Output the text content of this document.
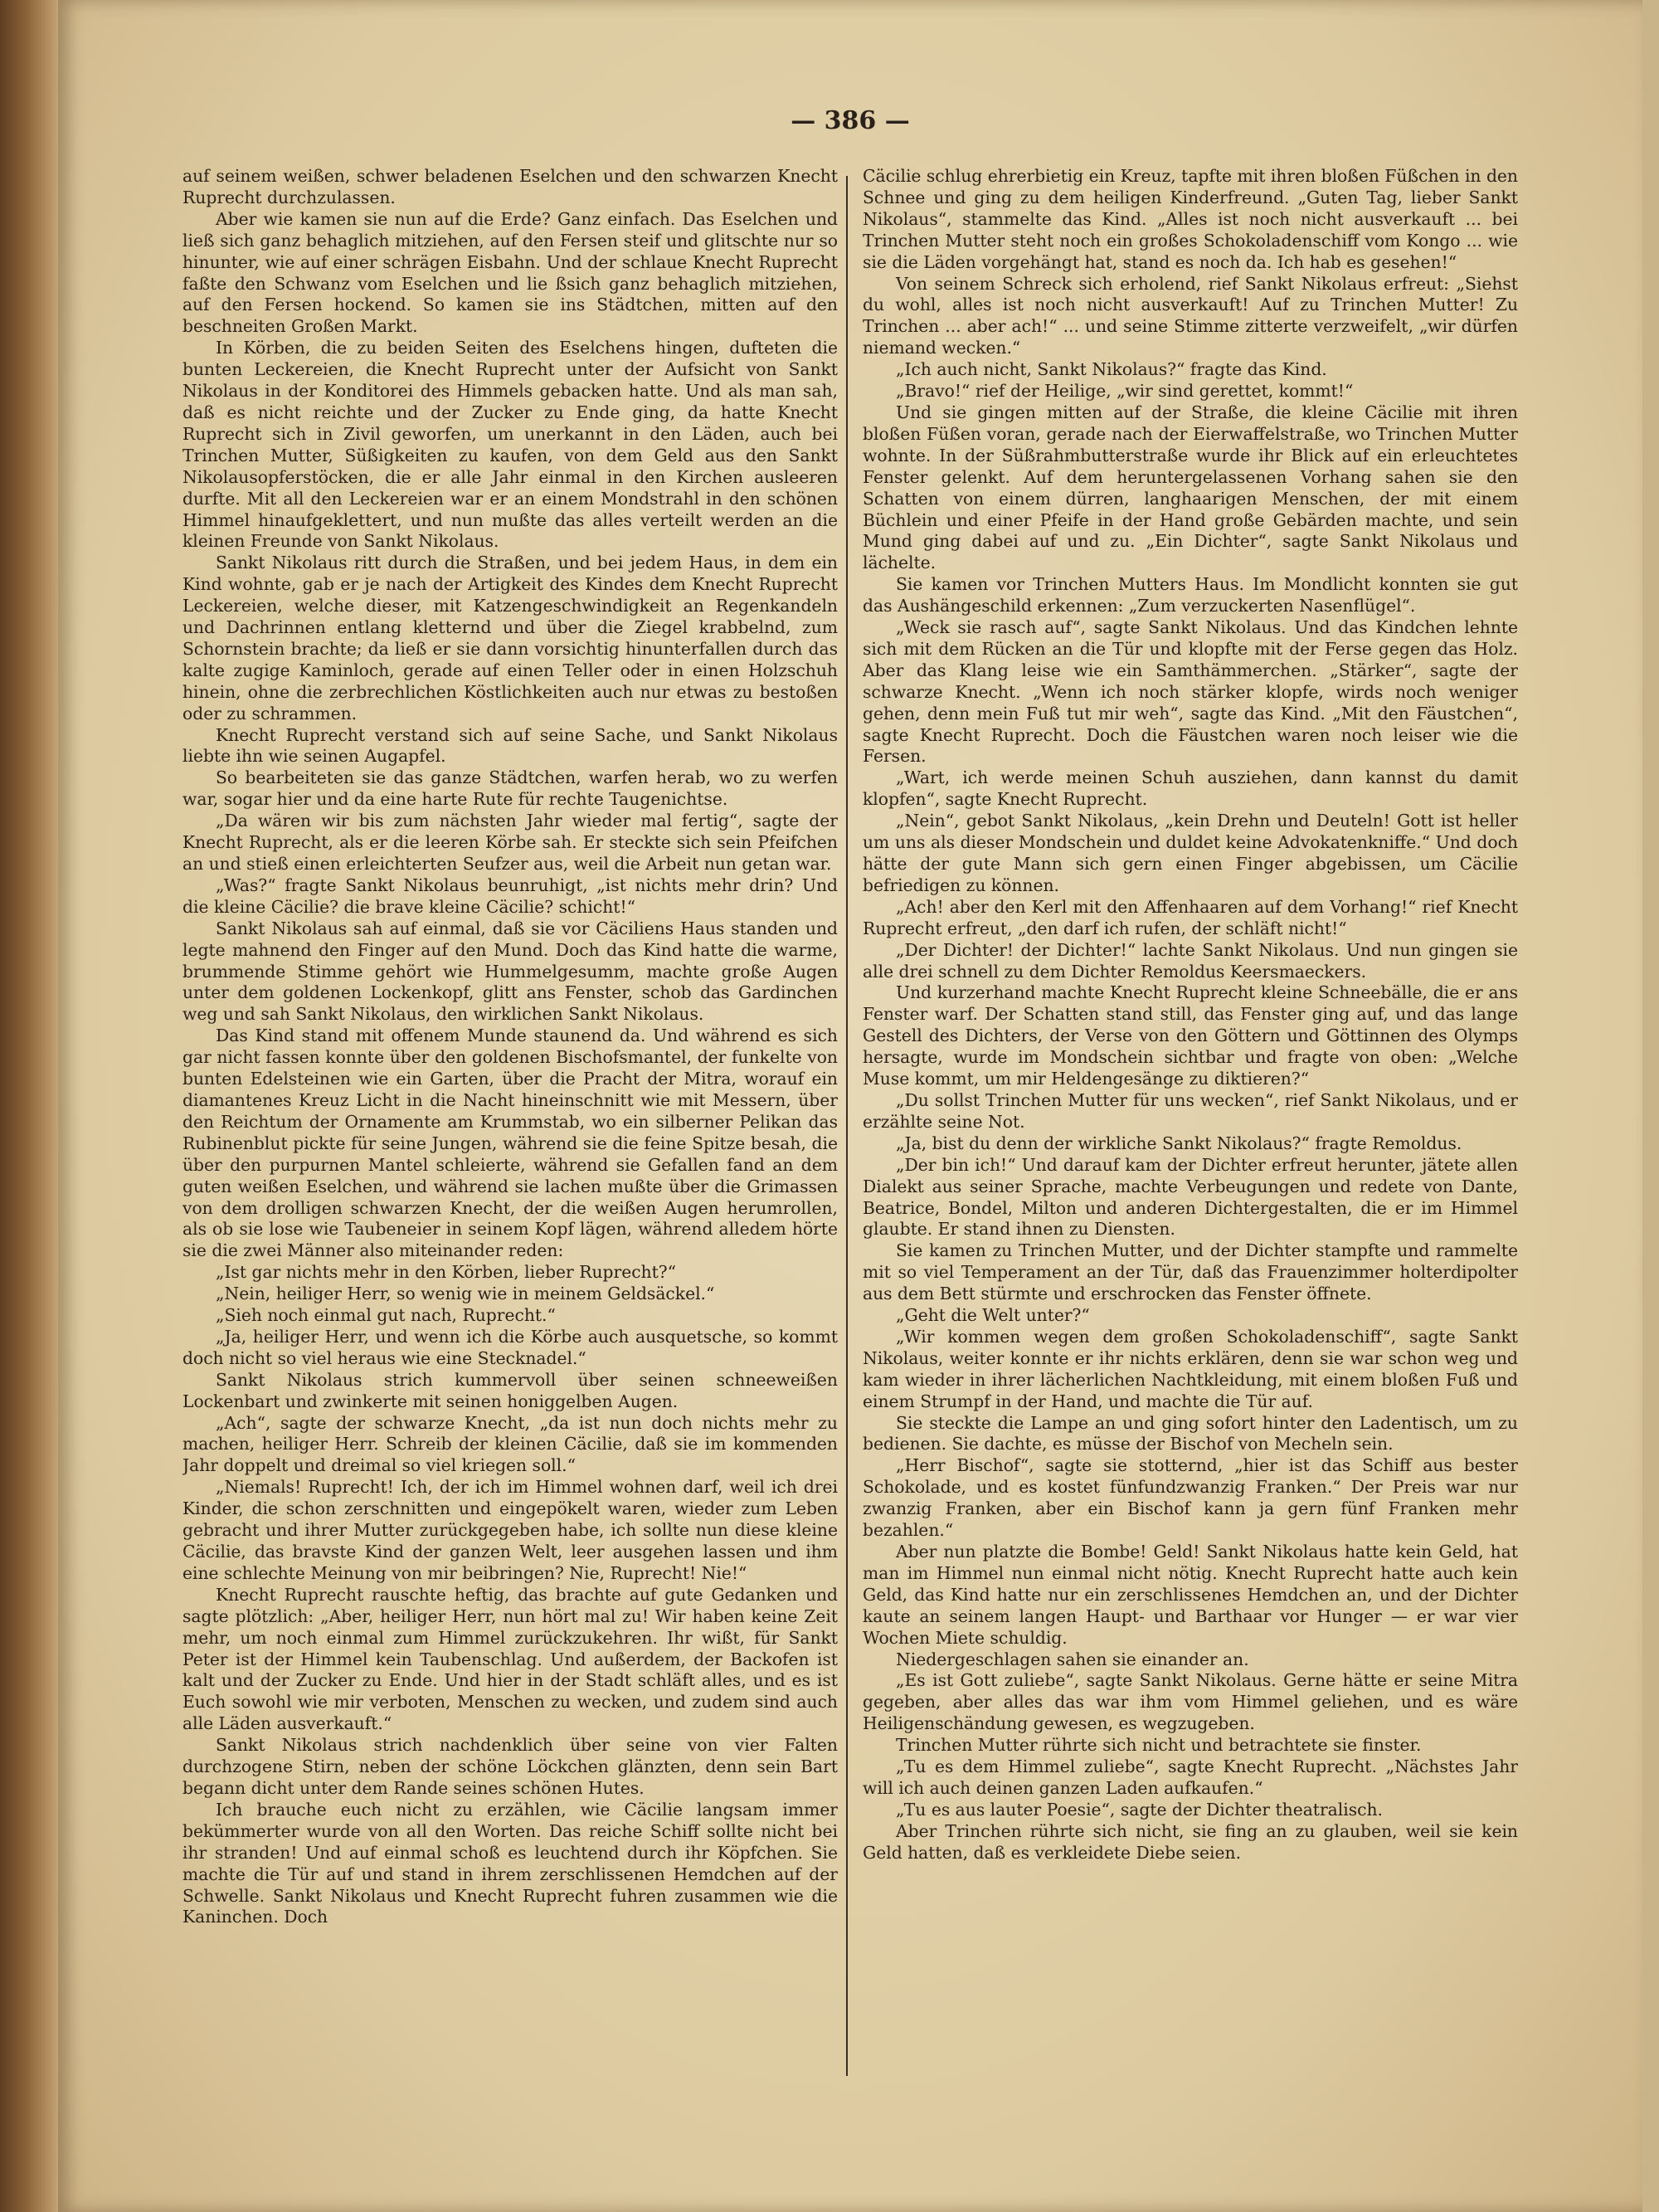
— 386 —

auf seinem weißen, schwer beladenen Eselchen und den schwarzen Knecht Ruprecht durchzulassen.

Aber wie kamen sie nun auf die Erde? Ganz einfach. Das Eselchen und ließ sich ganz behaglich mitziehen, auf den Fersen steif und glitschte nur so hinunter, wie auf einer schrägen Eisbahn. Und der schlaue Knecht Ruprecht faßte den Schwanz vom Eselchen und lie ßsich ganz behaglich mitziehen, auf den Fersen hockend. So kamen sie ins Städtchen, mitten auf den beschneiten Großen Markt.

In Körben, die zu beiden Seiten des Eselchens hingen, dufteten die bunten Leckereien, die Knecht Ruprecht unter der Aufsicht von Sankt Nikolaus in der Konditorei des Himmels gebacken hatte. Und als man sah, daß es nicht reichte und der Zucker zu Ende ging, da hatte Knecht Ruprecht sich in Zivil geworfen, um unerkannt in den Läden, auch bei Trinchen Mutter, Süßigkeiten zu kaufen, von dem Geld aus den Sankt Nikolausopferstöcken, die er alle Jahr einmal in den Kirchen ausleeren durfte. Mit all den Leckereien war er an einem Mondstrahl in den schönen Himmel hinaufgeklettert, und nun mußte das alles verteilt werden an die kleinen Freunde von Sankt Nikolaus.

Sankt Nikolaus ritt durch die Straßen, und bei jedem Haus, in dem ein Kind wohnte, gab er je nach der Artigkeit des Kindes dem Knecht Ruprecht Leckereien, welche dieser, mit Katzengeschwindigkeit an Regenkandeln und Dachrinnen entlang kletternd und über die Ziegel krabbelnd, zum Schornstein brachte; da ließ er sie dann vorsichtig hinunterfallen durch das kalte zugige Kaminloch, gerade auf einen Teller oder in einen Holzschuh hinein, ohne die zerbrechlichen Köstlichkeiten auch nur etwas zu bestoßen oder zu schrammen.

Knecht Ruprecht verstand sich auf seine Sache, und Sankt Nikolaus liebte ihn wie seinen Augapfel.

So bearbeiteten sie das ganze Städtchen, warfen herab, wo zu werfen war, sogar hier und da eine harte Rute für rechte Taugenichtse.

„Da wären wir bis zum nächsten Jahr wieder mal fertig“, sagte der Knecht Ruprecht, als er die leeren Körbe sah. Er steckte sich sein Pfeifchen an und stieß einen erleichterten Seufzer aus, weil die Arbeit nun getan war.

„Was?“ fragte Sankt Nikolaus beunruhigt, „ist nichts mehr drin? Und die kleine Cäcilie? die brave kleine Cäcilie? schicht!“

Sankt Nikolaus sah auf einmal, daß sie vor Cäciliens Haus standen und legte mahnend den Finger auf den Mund. Doch das Kind hatte die warme, brummende Stimme gehört wie Hummelgesumm, machte große Augen unter dem goldenen Lockenkopf, glitt ans Fenster, schob das Gardinchen weg und sah Sankt Nikolaus, den wirklichen Sankt Nikolaus.

Das Kind stand mit offenem Munde staunend da. Und während es sich gar nicht fassen konnte über den goldenen Bischofsmantel, der funkelte von bunten Edelsteinen wie ein Garten, über die Pracht der Mitra, worauf ein diamantenes Kreuz Licht in die Nacht hineinschnitt wie mit Messern, über den Reichtum der Ornamente am Krummstab, wo ein silberner Pelikan das Rubinenblut pickte für seine Jungen, während sie die feine Spitze besah, die über den purpurnen Mantel schleierte, während sie Gefallen fand an dem guten weißen Eselchen, und während sie lachen mußte über die Grimassen von dem drolligen schwarzen Knecht, der die weißen Augen herumrollen, als ob sie lose wie Taubeneier in seinem Kopf lägen, während alledem hörte sie die zwei Männer also miteinander reden:

„Ist gar nichts mehr in den Körben, lieber Ruprecht?“

„Nein, heiliger Herr, so wenig wie in meinem Geldsäckel.“

„Sieh noch einmal gut nach, Ruprecht.“

„Ja, heiliger Herr, und wenn ich die Körbe auch ausquetsche, so kommt doch nicht so viel heraus wie eine Stecknadel.“

Sankt Nikolaus strich kummervoll über seinen schneeweißen Lockenbart und zwinkerte mit seinen honiggelben Augen.

„Ach“, sagte der schwarze Knecht, „da ist nun doch nichts mehr zu machen, heiliger Herr. Schreib der kleinen Cäcilie, daß sie im kommenden Jahr doppelt und dreimal so viel kriegen soll.“

„Niemals! Ruprecht! Ich, der ich im Himmel wohnen darf, weil ich drei Kinder, die schon zerschnitten und eingepökelt waren, wieder zum Leben gebracht und ihrer Mutter zurückgegeben habe, ich sollte nun diese kleine Cäcilie, das bravste Kind der ganzen Welt, leer ausgehen lassen und ihm eine schlechte Meinung von mir beibringen? Nie, Ruprecht! Nie!“

Knecht Ruprecht rauschte heftig, das brachte auf gute Gedanken und sagte plötzlich: „Aber, heiliger Herr, nun hört mal zu! Wir haben keine Zeit mehr, um noch einmal zum Himmel zurückzukehren. Ihr wißt, für Sankt Peter ist der Himmel kein Taubenschlag. Und außerdem, der Backofen ist kalt und der Zucker zu Ende. Und hier in der Stadt schläft alles, und es ist Euch sowohl wie mir verboten, Menschen zu wecken, und zudem sind auch alle Läden ausverkauft.“

Sankt Nikolaus strich nachdenklich über seine von vier Falten durchzogene Stirn, neben der schöne Löckchen glänzten, denn sein Bart begann dicht unter dem Rande seines schönen Hutes.

Ich brauche euch nicht zu erzählen, wie Cäcilie langsam immer bekümmerter wurde von all den Worten. Das reiche Schiff sollte nicht bei ihr stranden! Und auf einmal schoß es leuchtend durch ihr Köpfchen. Sie machte die Tür auf und stand in ihrem zerschlissenen Hemdchen auf der Schwelle. Sankt Nikolaus und Knecht Ruprecht fuhren zusammen wie die Kaninchen. Doch

Cäcilie schlug ehrerbietig ein Kreuz, tapfte mit ihren bloßen Füßchen in den Schnee und ging zu dem heiligen Kinderfreund. „Guten Tag, lieber Sankt Nikolaus“, stammelte das Kind. „Alles ist noch nicht ausverkauft ... bei Trinchen Mutter steht noch ein großes Schokoladenschiff vom Kongo ... wie sie die Läden vorgehängt hat, stand es noch da. Ich hab es gesehen!“

Von seinem Schreck sich erholend, rief Sankt Nikolaus erfreut: „Siehst du wohl, alles ist noch nicht ausverkauft! Auf zu Trinchen Mutter! Zu Trinchen ... aber ach!“ ... und seine Stimme zitterte verzweifelt, „wir dürfen niemand wecken.“

„Ich auch nicht, Sankt Nikolaus?“ fragte das Kind.

„Bravo!“ rief der Heilige, „wir sind gerettet, kommt!“

Und sie gingen mitten auf der Straße, die kleine Cäcilie mit ihren bloßen Füßen voran, gerade nach der Eierwaffelstraße, wo Trinchen Mutter wohnte. In der Süßrahmbutterstraße wurde ihr Blick auf ein erleuchtetes Fenster gelenkt. Auf dem heruntergelassenen Vorhang sahen sie den Schatten von einem dürren, langhaarigen Menschen, der mit einem Büchlein und einer Pfeife in der Hand große Gebärden machte, und sein Mund ging dabei auf und zu. „Ein Dichter“, sagte Sankt Nikolaus und lächelte.

Sie kamen vor Trinchen Mutters Haus. Im Mondlicht konnten sie gut das Aushängeschild erkennen: „Zum verzuckerten Nasenflügel“.

„Weck sie rasch auf“, sagte Sankt Nikolaus. Und das Kindchen lehnte sich mit dem Rücken an die Tür und klopfte mit der Ferse gegen das Holz. Aber das Klang leise wie ein Samthämmerchen. „Stärker“, sagte der schwarze Knecht. „Wenn ich noch stärker klopfe, wirds noch weniger gehen, denn mein Fuß tut mir weh“, sagte das Kind. „Mit den Fäustchen“, sagte Knecht Ruprecht. Doch die Fäustchen waren noch leiser wie die Fersen.

„Wart, ich werde meinen Schuh ausziehen, dann kannst du damit klopfen“, sagte Knecht Ruprecht.

„Nein“, gebot Sankt Nikolaus, „kein Drehn und Deuteln! Gott ist heller um uns als dieser Mondschein und duldet keine Advokatenkniffe.“ Und doch hätte der gute Mann sich gern einen Finger abgebissen, um Cäcilie befriedigen zu können.

„Ach! aber den Kerl mit den Affenhaaren auf dem Vorhang!“ rief Knecht Ruprecht erfreut, „den darf ich rufen, der schläft nicht!“

„Der Dichter! der Dichter!“ lachte Sankt Nikolaus. Und nun gingen sie alle drei schnell zu dem Dichter Remoldus Keersmaeckers.

Und kurzerhand machte Knecht Ruprecht kleine Schneebälle, die er ans Fenster warf. Der Schatten stand still, das Fenster ging auf, und das lange Gestell des Dichters, der Verse von den Göttern und Göttinnen des Olymps hersagte, wurde im Mondschein sichtbar und fragte von oben: „Welche Muse kommt, um mir Heldengesänge zu diktieren?“

„Du sollst Trinchen Mutter für uns wecken“, rief Sankt Nikolaus, und er erzählte seine Not.

„Ja, bist du denn der wirkliche Sankt Nikolaus?“ fragte Remoldus.

„Der bin ich!“ Und darauf kam der Dichter erfreut herunter, jätete allen Dialekt aus seiner Sprache, machte Verbeugungen und redete von Dante, Beatrice, Bondel, Milton und anderen Dichtergestalten, die er im Himmel glaubte. Er stand ihnen zu Diensten.

Sie kamen zu Trinchen Mutter, und der Dichter stampfte und rammelte mit so viel Temperament an der Tür, daß das Frauenzimmer holterdipolter aus dem Bett stürmte und erschrocken das Fenster öffnete.

„Geht die Welt unter?“

„Wir kommen wegen dem großen Schokoladenschiff“, sagte Sankt Nikolaus, weiter konnte er ihr nichts erklären, denn sie war schon weg und kam wieder in ihrer lächerlichen Nachtkleidung, mit einem bloßen Fuß und einem Strumpf in der Hand, und machte die Tür auf.

Sie steckte die Lampe an und ging sofort hinter den Ladentisch, um zu bedienen. Sie dachte, es müsse der Bischof von Mecheln sein.

„Herr Bischof“, sagte sie stotternd, „hier ist das Schiff aus bester Schokolade, und es kostet fünfundzwanzig Franken.“ Der Preis war nur zwanzig Franken, aber ein Bischof kann ja gern fünf Franken mehr bezahlen.“

Aber nun platzte die Bombe! Geld! Sankt Nikolaus hatte kein Geld, hat man im Himmel nun einmal nicht nötig. Knecht Ruprecht hatte auch kein Geld, das Kind hatte nur ein zerschlissenes Hemdchen an, und der Dichter kaute an seinem langen Haupt- und Barthaar vor Hunger — er war vier Wochen Miete schuldig.

Niedergeschlagen sahen sie einander an.

„Es ist Gott zuliebe“, sagte Sankt Nikolaus. Gerne hätte er seine Mitra gegeben, aber alles das war ihm vom Himmel geliehen, und es wäre Heiligenschändung gewesen, es wegzugeben.

Trinchen Mutter rührte sich nicht und betrachtete sie finster.

„Tu es dem Himmel zuliebe“, sagte Knecht Ruprecht. „Nächstes Jahr will ich auch deinen ganzen Laden aufkaufen.“

„Tu es aus lauter Poesie“, sagte der Dichter theatralisch.

Aber Trinchen rührte sich nicht, sie fing an zu glauben, weil sie kein Geld hatten, daß es verkleidete Diebe seien.
